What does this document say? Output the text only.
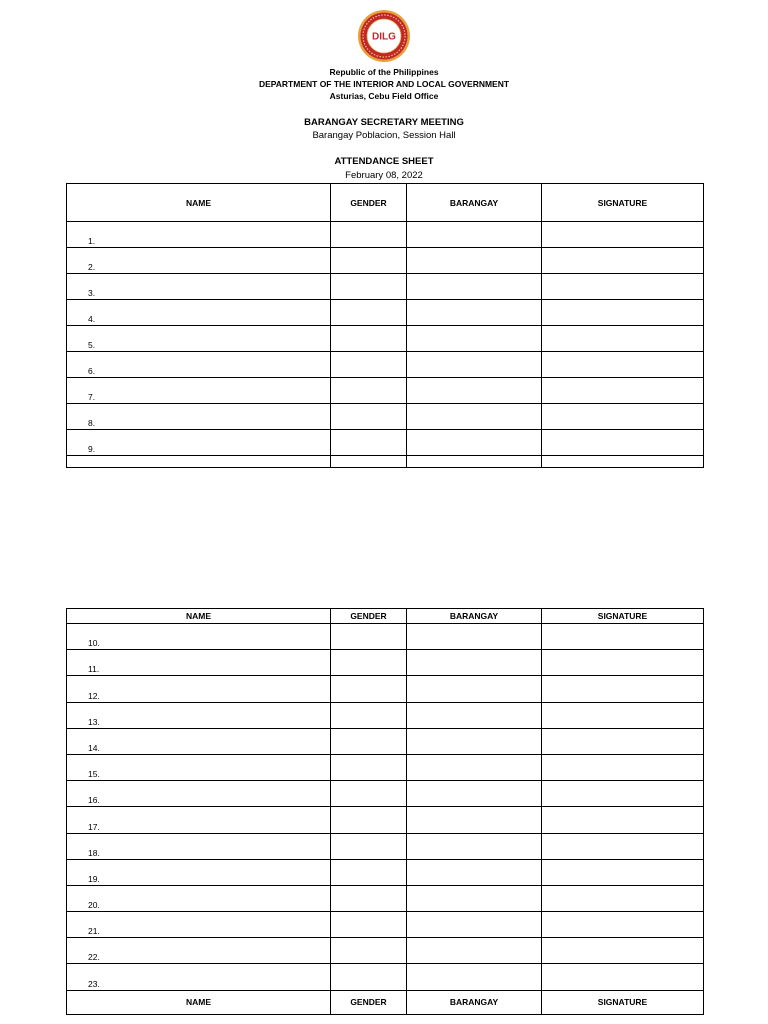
DILG
Republic of the Philippines
DEPARTMENT OF THE INTERIOR AND LOCAL GOVERNMENT
Asturias, Cebu Field Office
BARANGAY SECRETARY MEETING
Barangay Poblacion, Session Hall
ATTENDANCE SHEET
February 08, 2022
NAME	GENDER	BARANGAY	SIGNATURE
1.			
2.			
3.			
4.			
5.			
6.			
7.			
8.			
9.			

NAME	GENDER	BARANGAY	SIGNATURE
10.			
11.			
12.			
13.			
14.			
15.			
16.			
17.			
18.			
19.			
20.			
21.			
22.			
23.			
NAME	GENDER	BARANGAY	SIGNATURE
